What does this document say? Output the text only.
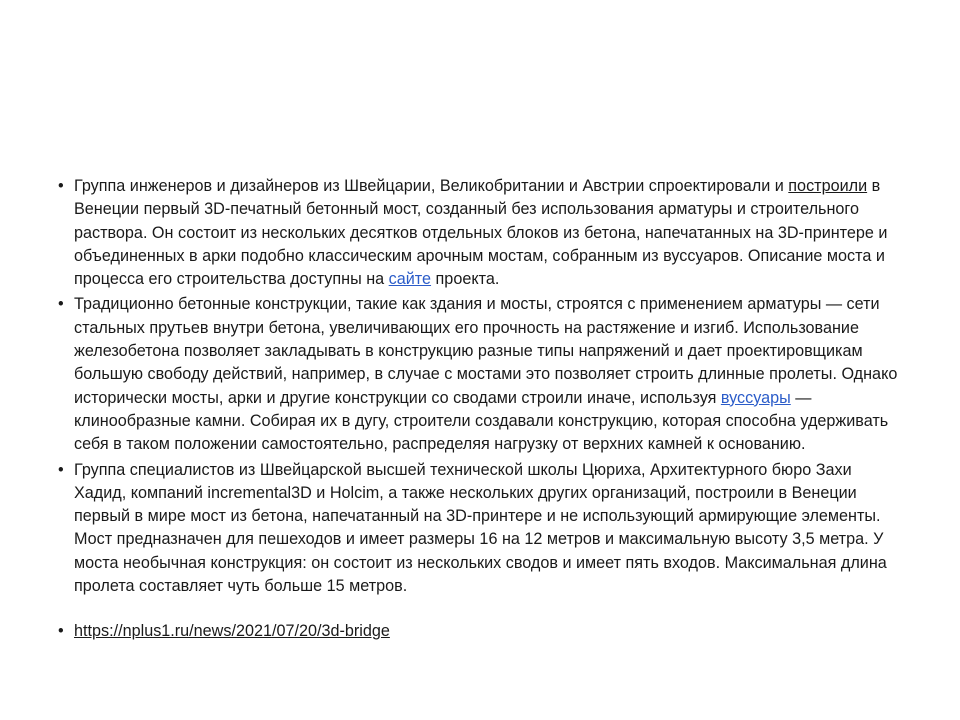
• Группа инженеров и дизайнеров из Швейцарии, Великобритании и Австрии спроектировали и построили в Венеции первый 3D-печатный бетонный мост, созданный без использования арматуры и строительного раствора. Он состоит из нескольких десятков отдельных блоков из бетона, напечатанных на 3D-принтере и объединенных в арки подобно классическим арочным мостам, собранным из вуссуаров. Описание моста и процесса его строительства доступны на сайте проекта.
• Традиционно бетонные конструкции, такие как здания и мосты, строятся с применением арматуры — сети стальных прутьев внутри бетона, увеличивающих его прочность на растяжение и изгиб. Использование железобетона позволяет закладывать в конструкцию разные типы напряжений и дает проектировщикам большую свободу действий, например, в случае с мостами это позволяет строить длинные пролеты. Однако исторически мосты, арки и другие конструкции со сводами строили иначе, используя вуссуары — клинообразные камни. Собирая их в дугу, строители создавали конструкцию, которая способна удерживать себя в таком положении самостоятельно, распределяя нагрузку от верхних камней к основанию.
• Группа специалистов из Швейцарской высшей технической школы Цюриха, Архитектурного бюро Захи Хадид, компаний incremental3D и Holcim, а также нескольких других организаций, построили в Венеции первый в мире мост из бетона, напечатанный на 3D-принтере и не использующий армирующие элементы. Мост предназначен для пешеходов и имеет размеры 16 на 12 метров и максимальную высоту 3,5 метра. У моста необычная конструкция: он состоит из нескольких сводов и имеет пять входов. Максимальная длина пролета составляет чуть больше 15 метров.
• https://nplus1.ru/news/2021/07/20/3d-bridge
